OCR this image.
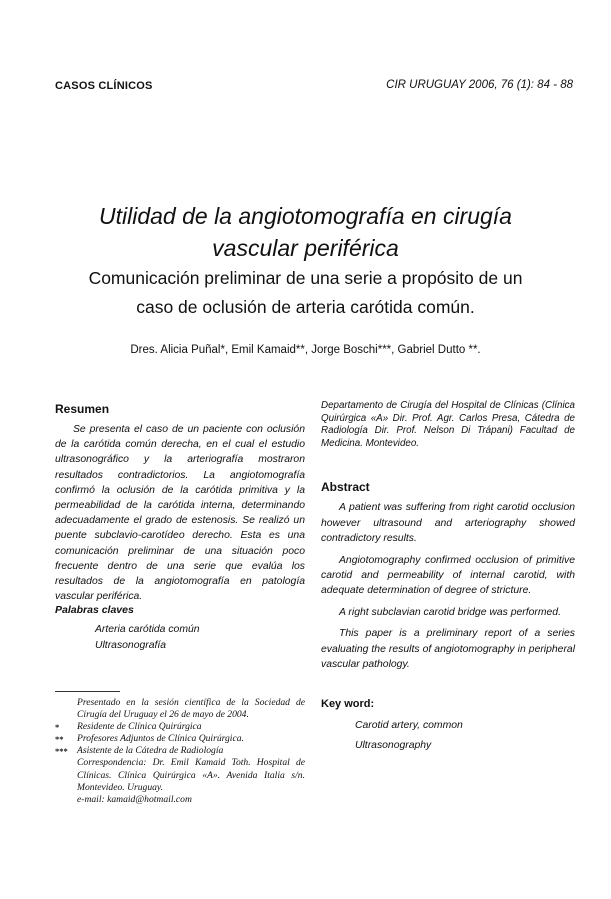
CASOS CLÍNICOS	CIR URUGUAY 2006, 76 (1): 84 - 88
Utilidad de la angiotomografía en cirugía
vascular periférica
Comunicación preliminar de una serie a propósito de un
caso de oclusión de arteria carótida común.
Dres. Alicia Puñal*, Emil Kamaid**, Jorge Boschi***, Gabriel Dutto **.
Resumen

Se presenta el caso de un paciente con oclusión de la carótida común derecha, en el cual el estudio ultrasonográfico y la arteriografía mostraron resultados contradictorios. La angiotomografía confirmó la oclusión de la carótida primitiva y la permeabilidad de la carótida interna, determinando adecuadamente el grado de estenosis. Se realizó un puente subclavio-carotídeo derecho. Esta es una comunicación preliminar de una situación poco frecuente dentro de una serie que evalúa los resultados de la angiotomografía en patología vascular periférica.

Palabras claves

Arteria carótida común
Ultrasonografía
Presentado en la sesión científica de la Sociedad de Cirugía del Uruguay el 26 de mayo de 2004.
*	Residente de Clínica Quirúrgica
**	Profesores Adjuntos de Clínica Quirúrgica.
*** Asistente de la Cátedra de Radiología
Correspondencia: Dr. Emil Kamaid Toth. Hospital de Clínicas. Clínica Quirúrgica «A». Avenida Italia s/n. Montevideo. Uruguay.
e-mail: kamaid@hotmail.com

Departamento de Cirugía del Hospital de Clínicas (Clínica Quirúrgica «A» Dir. Prof. Agr. Carlos Presa, Cátedra de Radiología Dir. Prof. Nelson Di Trápani) Facultad de Medicina. Montevideo.

Abstract

A patient was suffering from right carotid occlusion however ultrasound and arteriography showed contradictory results.

Angiotomography confirmed occlusion of primitive carotid and permeability of internal carotid, with adequate determination of degree of stricture.

A right subclavian carotid bridge was performed.

This paper is a preliminary report of a series evaluating the results of angiotomography in peripheral vascular pathology.

Key word:

Carotid artery, common
Ultrasonography
